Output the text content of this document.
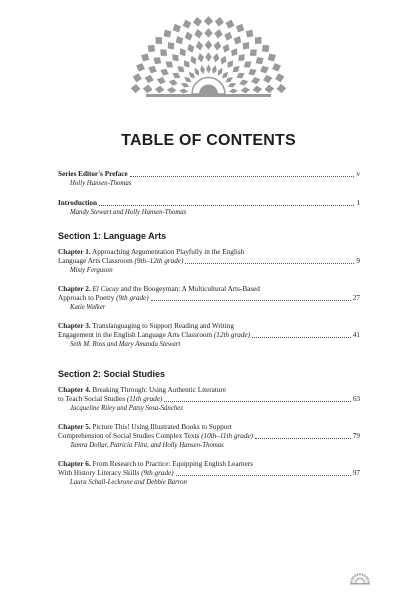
TABLE OF CONTENTS
Series Editor's Preface	v
Holly Hansen-Thomas
Introduction	1
Mandy Stewart and Holly Hansen-Thomas
Section 1: Language Arts
Chapter 1. Approaching Argumentation Playfully in the English
Language Arts Classroom (9th–12th grade)	9
Misty Ferguson
Chapter 2. El Cucuy and the Boogeyman: A Multicultural Arts-Based
Approach to Poetry (9th grade)	27
Katie Walker
Chapter 3. Translanguaging to Support Reading and Writing
Engagement in the English Language Arts Classroom (12th grade)	41
Seth M. Ross and Mary Amanda Stewart
Section 2: Social Studies
Chapter 4. Breaking Through: Using Authentic Literature
to Teach Social Studies (11th grade)	63
Jacqueline Riley and Patsy Sosa-Sánchez
Chapter 5. Picture This! Using Illustrated Books to Support
Comprehension of Social Studies Complex Texts (10th–11th grade)	79
Tamra Dollar, Patricia Flint, and Holly Hansen-Thomas
Chapter 6. From Research to Practice: Equipping English Learners
With History Literacy Skills (9th grade)	97
Laura Schall-Leckrone and Debbie Barron
